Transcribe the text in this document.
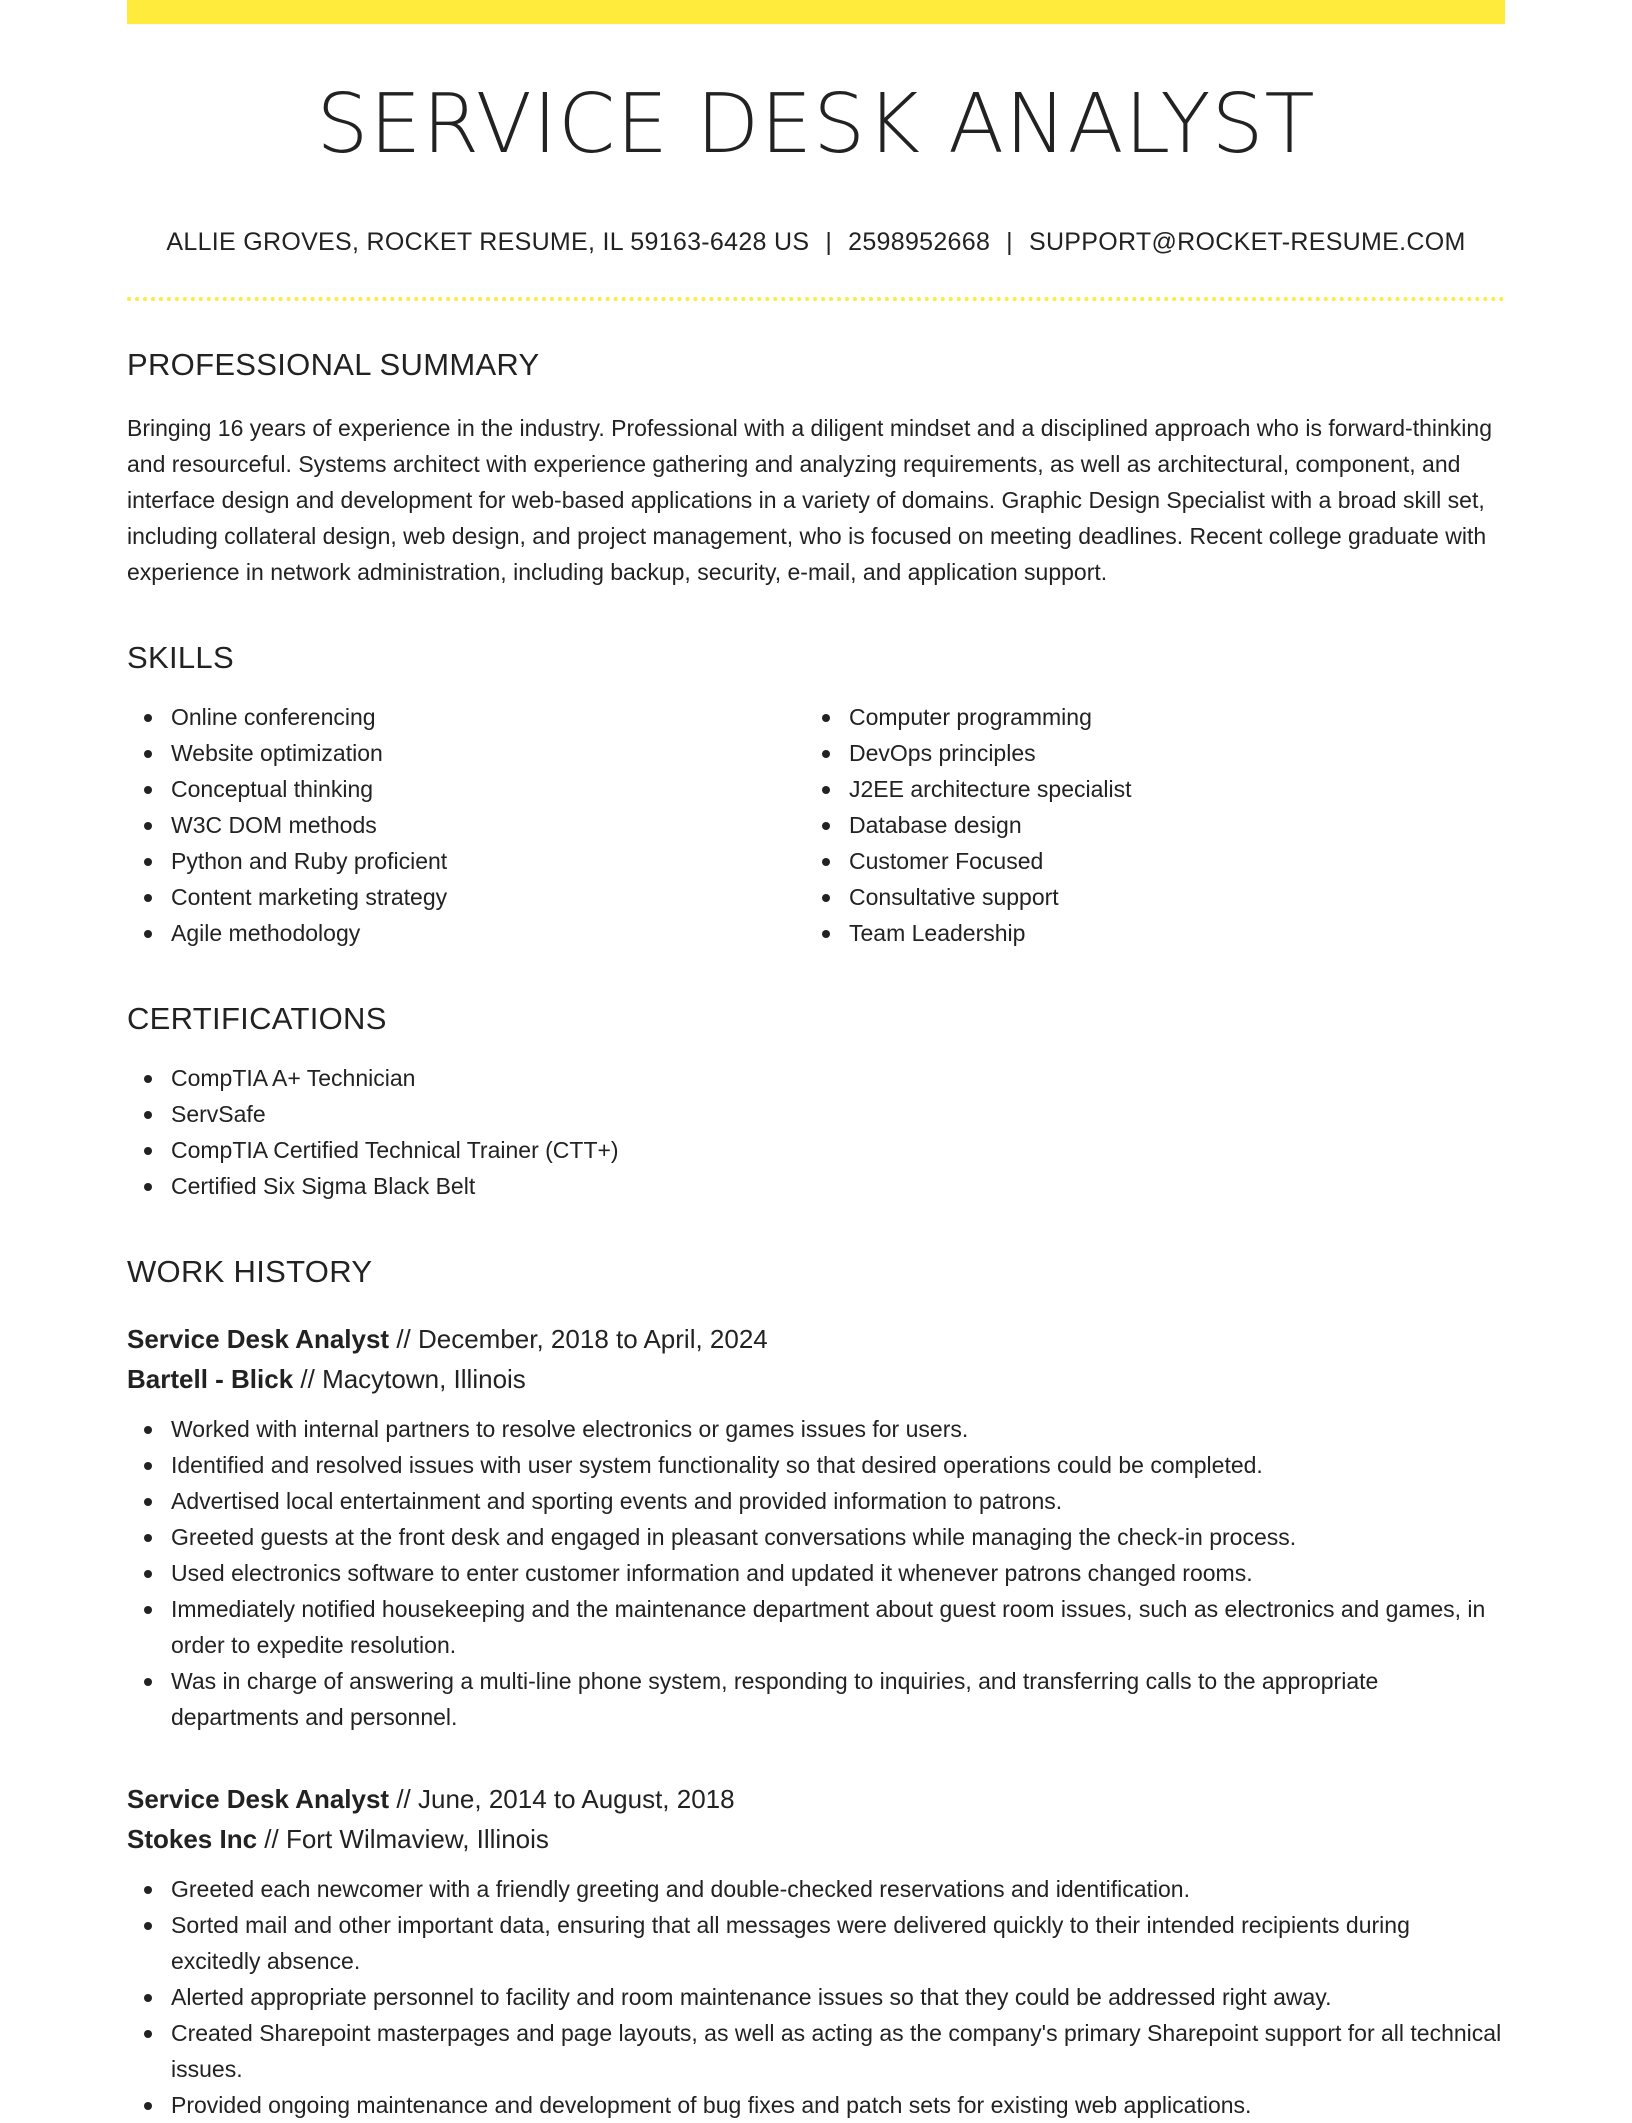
SERVICE DESK ANALYST
ALLIE GROVES, ROCKET RESUME, IL 59163-6428 US | 2598952668 | SUPPORT@ROCKET-RESUME.COM
PROFESSIONAL SUMMARY

Bringing 16 years of experience in the industry. Professional with a diligent mindset and a disciplined approach who is forward-thinking and resourceful. Systems architect with experience gathering and analyzing requirements, as well as architectural, component, and interface design and development for web-based applications in a variety of domains. Graphic Design Specialist with a broad skill set, including collateral design, web design, and project management, who is focused on meeting deadlines. Recent college graduate with experience in network administration, including backup, security, e-mail, and application support.

SKILLS
Online conferencing
Website optimization
Conceptual thinking
W3C DOM methods
Python and Ruby proficient
Content marketing strategy
Agile methodology
Computer programming
DevOps principles
J2EE architecture specialist
Database design
Customer Focused
Consultative support
Team Leadership
CERTIFICATIONS
CompTIA A+ Technician
ServSafe
CompTIA Certified Technical Trainer (CTT+)
Certified Six Sigma Black Belt
WORK HISTORY
Service Desk Analyst // December, 2018 to April, 2024
Bartell - Blick // Macytown, Illinois
Worked with internal partners to resolve electronics or games issues for users.
Identified and resolved issues with user system functionality so that desired operations could be completed.
Advertised local entertainment and sporting events and provided information to patrons.
Greeted guests at the front desk and engaged in pleasant conversations while managing the check-in process.
Used electronics software to enter customer information and updated it whenever patrons changed rooms.
Immediately notified housekeeping and the maintenance department about guest room issues, such as electronics and games, in order to expedite resolution.
Was in charge of answering a multi-line phone system, responding to inquiries, and transferring calls to the appropriate departments and personnel.
Service Desk Analyst // June, 2014 to August, 2018
Stokes Inc // Fort Wilmaview, Illinois
Greeted each newcomer with a friendly greeting and double-checked reservations and identification.
Sorted mail and other important data, ensuring that all messages were delivered quickly to their intended recipients during excitedly absence.
Alerted appropriate personnel to facility and room maintenance issues so that they could be addressed right away.
Created Sharepoint masterpages and page layouts, as well as acting as the company's primary Sharepoint support for all technical issues.
Provided ongoing maintenance and development of bug fixes and patch sets for existing web applications.
